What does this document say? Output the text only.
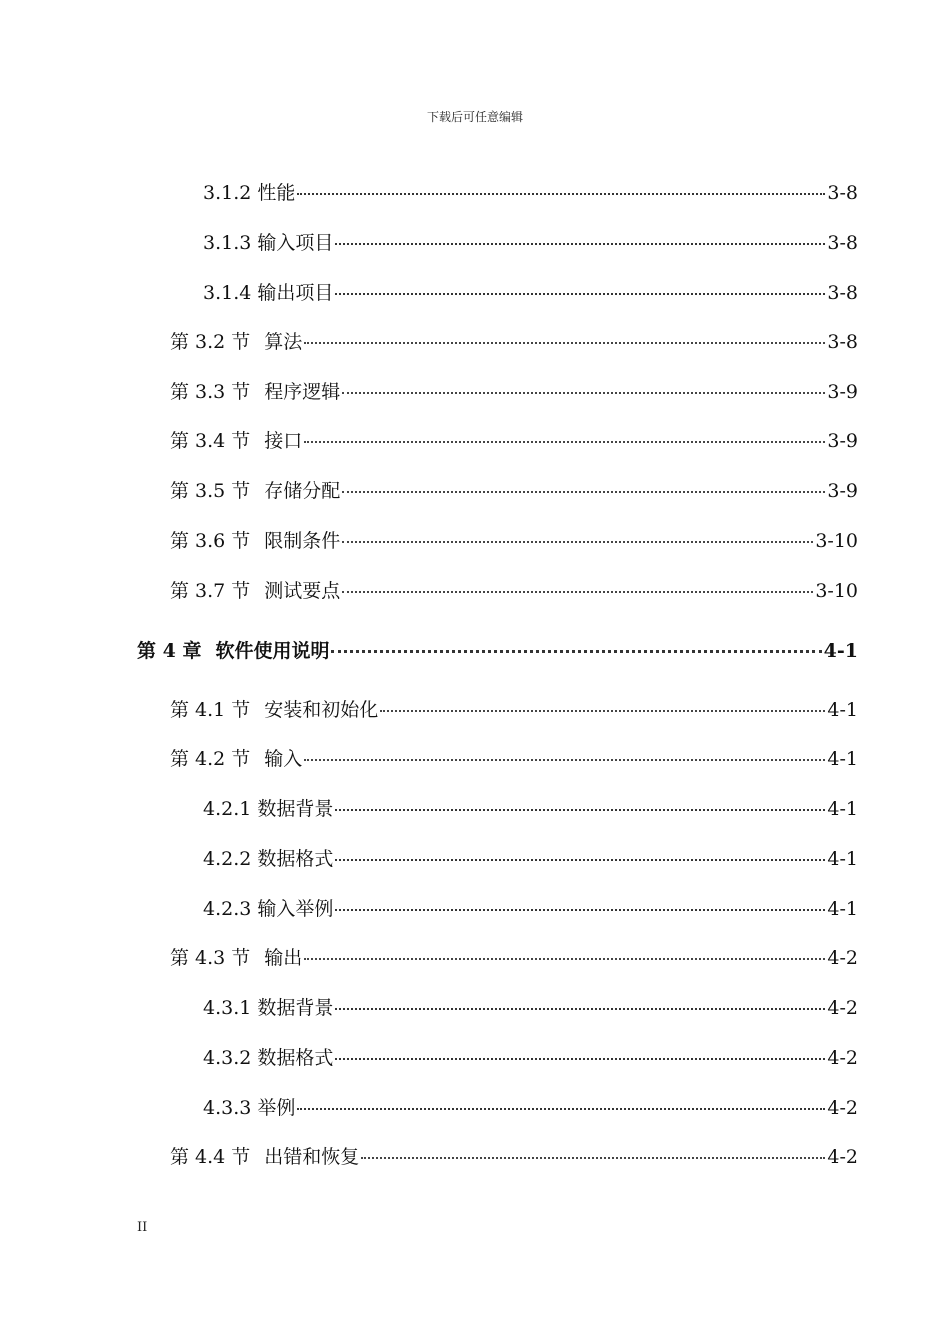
下载后可任意编辑
3.1.2 性能	3-8
3.1.3 输入项目	3-8
3.1.4 输出项目	3-8
第 3.2 节 算法	3-8
第 3.3 节 程序逻辑	3-9
第 3.4 节 接口	3-9
第 3.5 节 存储分配	3-9
第 3.6 节 限制条件	3-10
第 3.7 节 测试要点	3-10
第 4 章 软件使用说明	4-1
第 4.1 节 安装和初始化	4-1
第 4.2 节 输入	4-1
4.2.1 数据背景	4-1
4.2.2 数据格式	4-1
4.2.3 输入举例	4-1
第 4.3 节 输出	4-2
4.3.1 数据背景	4-2
4.3.2 数据格式	4-2
4.3.3 举例	4-2
第 4.4 节 出错和恢复	4-2
II
